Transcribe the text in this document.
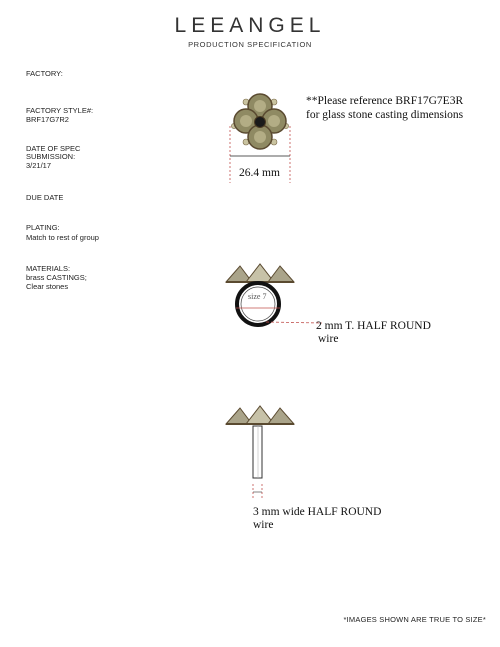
LEEANGEL
PRODUCTION SPECIFICATION
FACTORY:
FACTORY STYLE#:
BRF17G7R2
DATE OF SPEC
SUBMISSION:
3/21/17
DUE DATE
PLATING:
Match to rest of group
MATERIALS:
brass CASTINGS;
Clear stones
**Please reference BRF17G7E3R
for glass stone casting dimensions
26.4 mm
size 7
2 mm T. HALF ROUND
wire
3 mm wide HALF ROUND
wire
*IMAGES SHOWN ARE TRUE TO SIZE*
